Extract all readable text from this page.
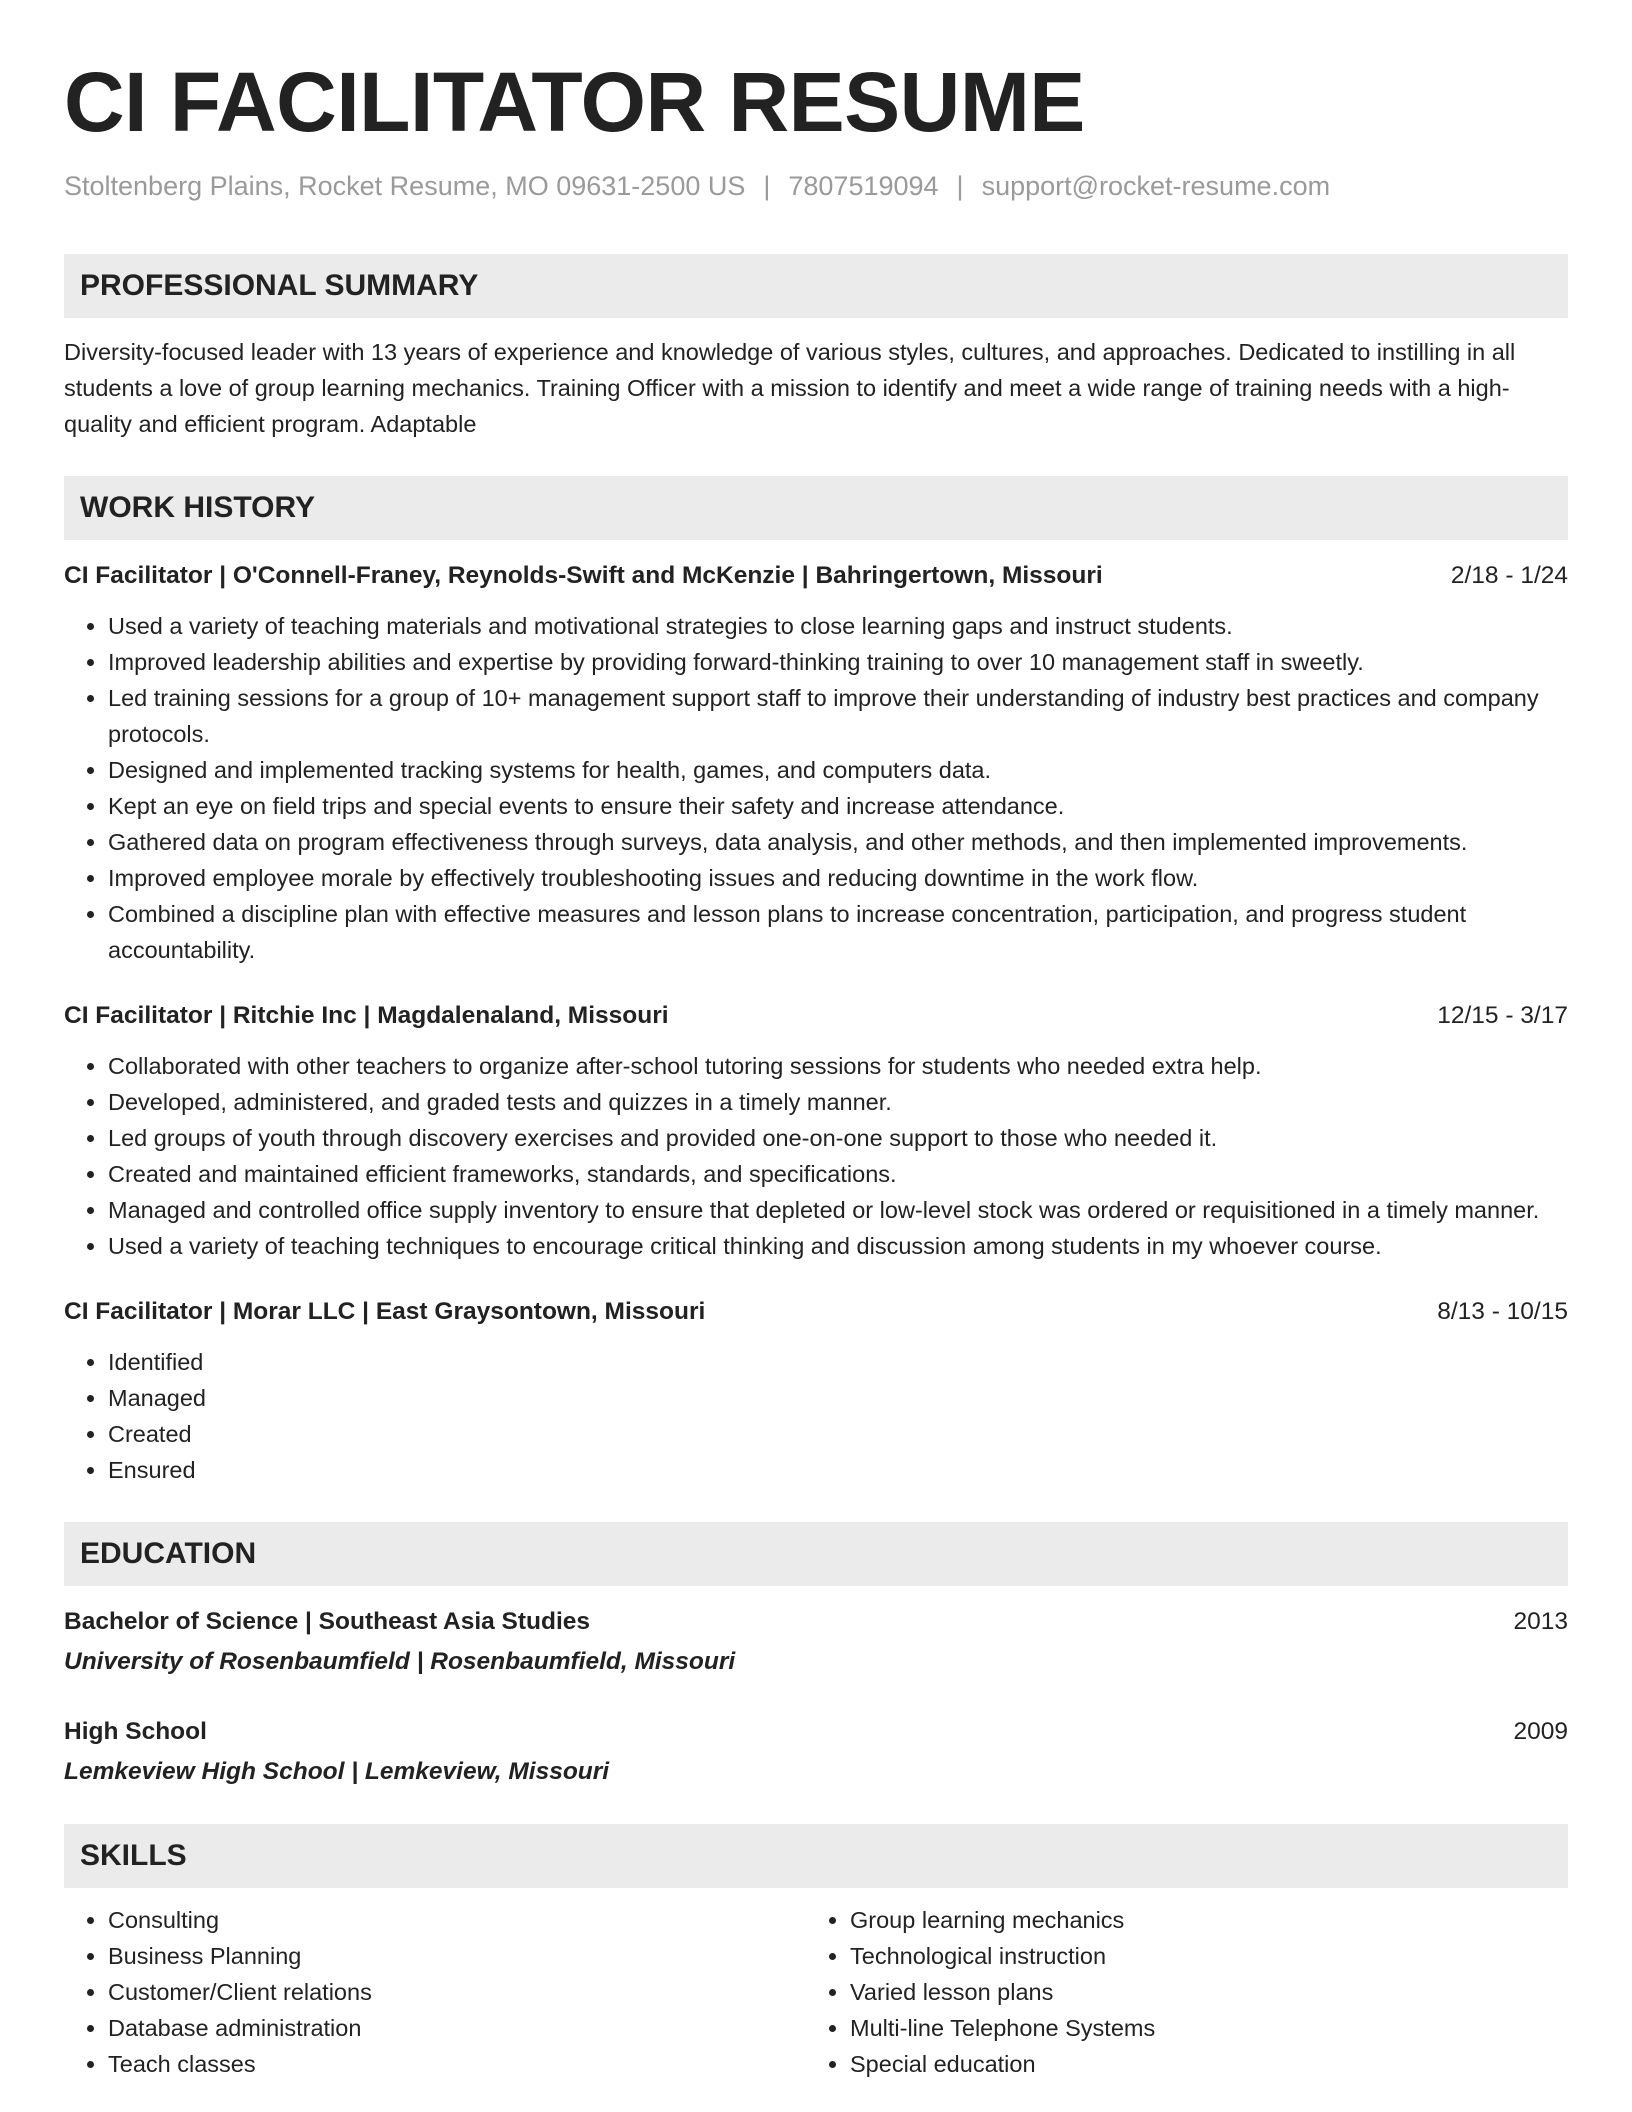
CI FACILITATOR RESUME
Stoltenberg Plains, Rocket Resume, MO 09631-2500 US | 7807519094 | support@rocket-resume.com
PROFESSIONAL SUMMARY
Diversity-focused leader with 13 years of experience and knowledge of various styles, cultures, and approaches. Dedicated to instilling in all students a love of group learning mechanics. Training Officer with a mission to identify and meet a wide range of training needs with a high-quality and efficient program. Adaptable
WORK HISTORY
CI Facilitator | O'Connell-Franey, Reynolds-Swift and McKenzie | Bahringertown, Missouri	2/18 - 1/24
• Used a variety of teaching materials and motivational strategies to close learning gaps and instruct students.
• Improved leadership abilities and expertise by providing forward-thinking training to over 10 management staff in sweetly.
• Led training sessions for a group of 10+ management support staff to improve their understanding of industry best practices and company protocols.
• Designed and implemented tracking systems for health, games, and computers data.
• Kept an eye on field trips and special events to ensure their safety and increase attendance.
• Gathered data on program effectiveness through surveys, data analysis, and other methods, and then implemented improvements.
• Improved employee morale by effectively troubleshooting issues and reducing downtime in the work flow.
• Combined a discipline plan with effective measures and lesson plans to increase concentration, participation, and progress student accountability.
CI Facilitator | Ritchie Inc | Magdalenaland, Missouri	12/15 - 3/17
• Collaborated with other teachers to organize after-school tutoring sessions for students who needed extra help.
• Developed, administered, and graded tests and quizzes in a timely manner.
• Led groups of youth through discovery exercises and provided one-on-one support to those who needed it.
• Created and maintained efficient frameworks, standards, and specifications.
• Managed and controlled office supply inventory to ensure that depleted or low-level stock was ordered or requisitioned in a timely manner.
• Used a variety of teaching techniques to encourage critical thinking and discussion among students in my whoever course.
CI Facilitator | Morar LLC | East Graysontown, Missouri	8/13 - 10/15
• Identified
• Managed
• Created
• Ensured
EDUCATION
Bachelor of Science | Southeast Asia Studies	2013
University of Rosenbaumfield | Rosenbaumfield, Missouri
High School	2009
Lemkeview High School | Lemkeview, Missouri
SKILLS
• Consulting
• Business Planning
• Customer/Client relations
• Database administration
• Teach classes
• Group learning mechanics
• Technological instruction
• Varied lesson plans
• Multi-line Telephone Systems
• Special education
